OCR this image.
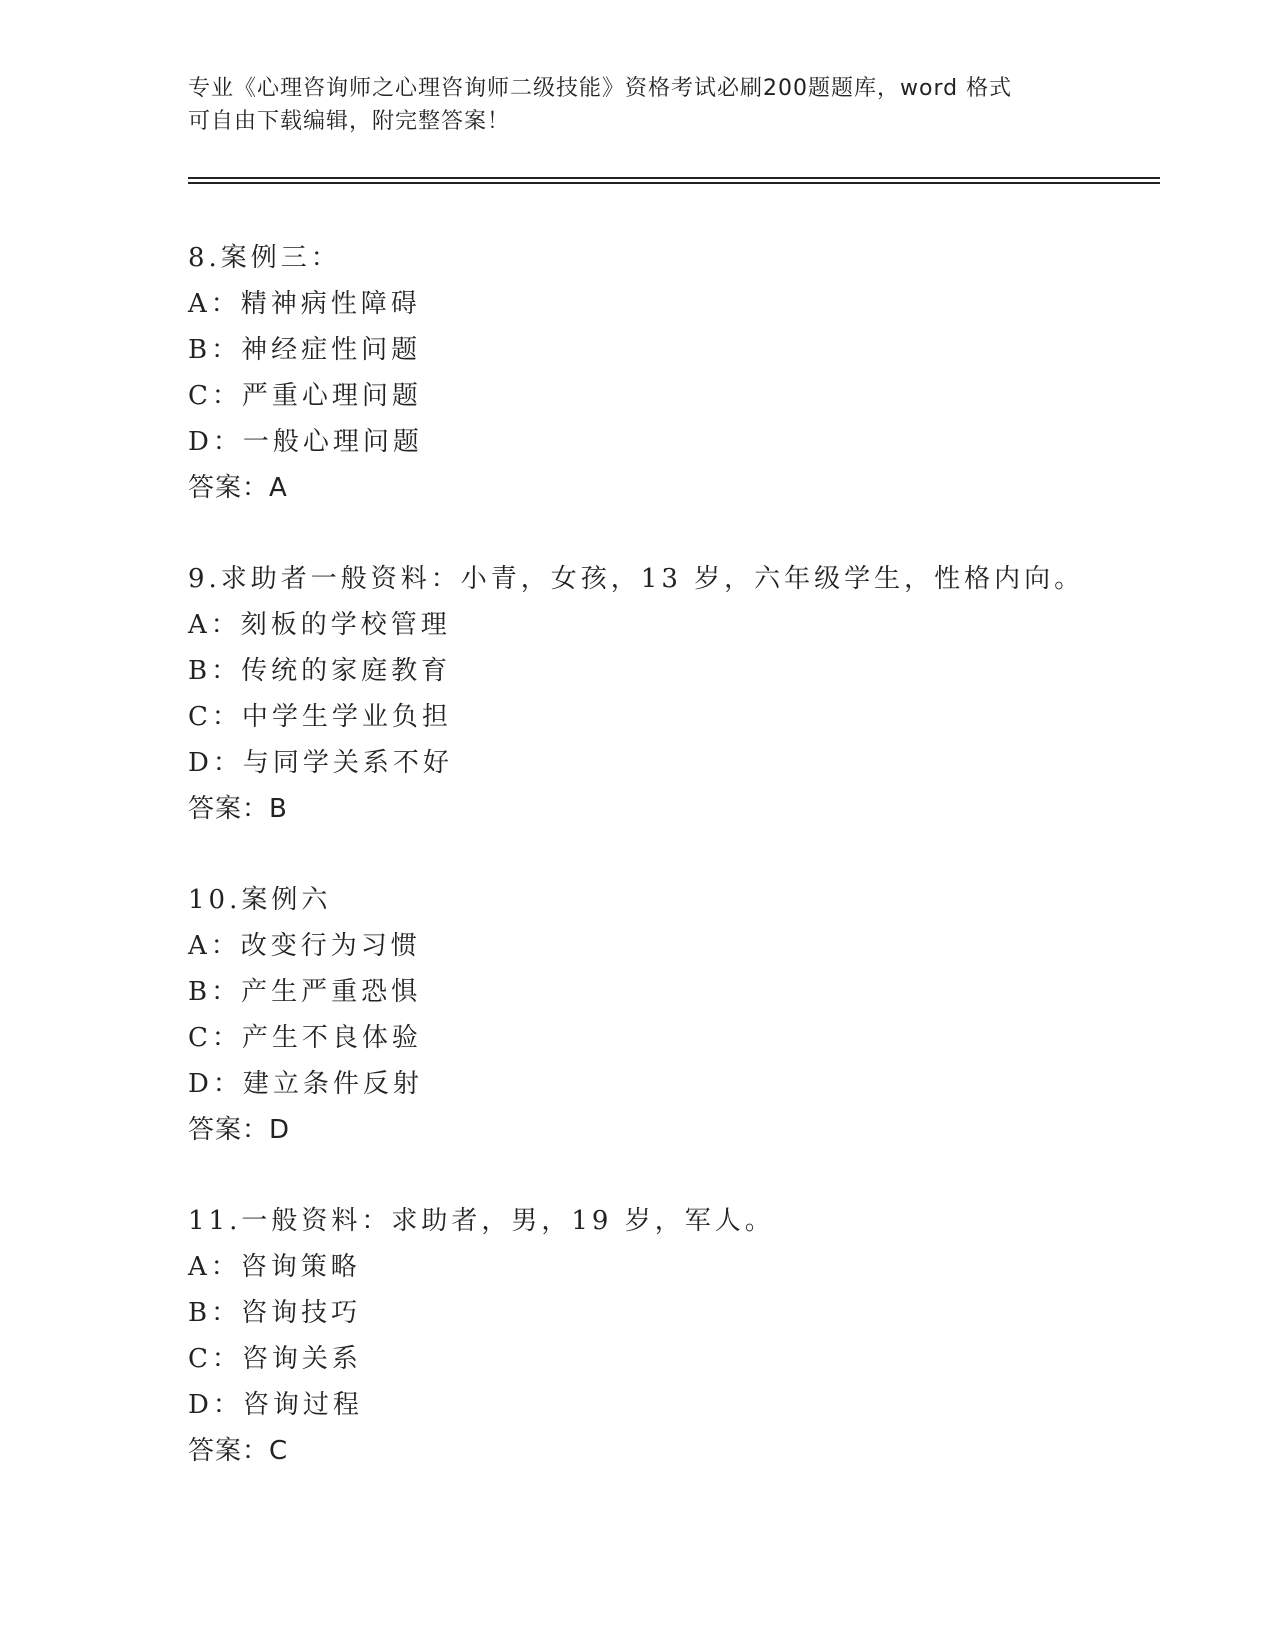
专业《心理咨询师之心理咨询师二级技能》资格考试必刷200题题库，word 格式
可自由下载编辑，附完整答案！
8.案例三：
A：精神病性障碍
B：神经症性问题
C：严重心理问题
D：一般心理问题
答案：A
9.求助者一般资料：小青，女孩，13 岁，六年级学生，性格内向。
A：刻板的学校管理
B：传统的家庭教育
C：中学生学业负担
D：与同学关系不好
答案：B
10.案例六
A：改变行为习惯
B：产生严重恐惧
C：产生不良体验
D：建立条件反射
答案：D
11.一般资料：求助者，男，19 岁，军人。
A：咨询策略
B：咨询技巧
C：咨询关系
D：咨询过程
答案：C
